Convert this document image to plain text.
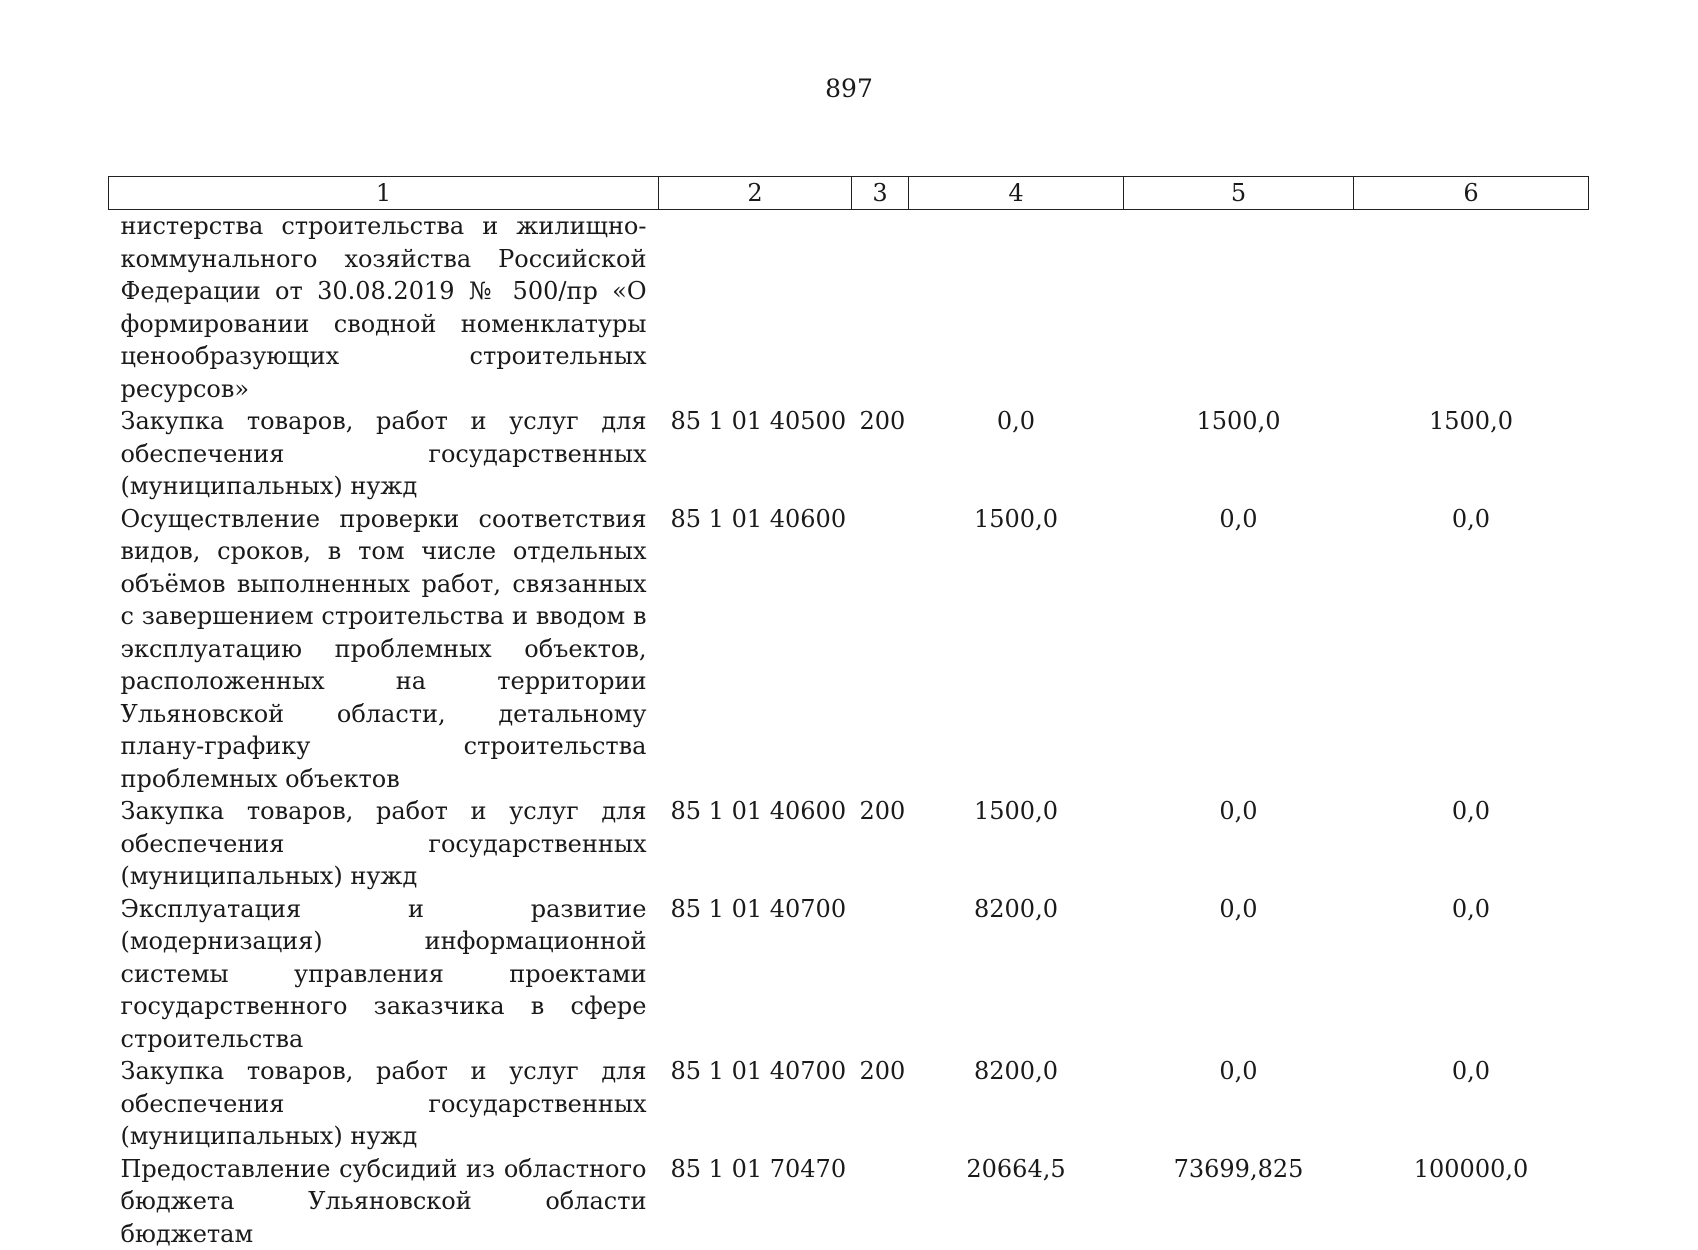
897
1	2	3	4	5	6
нистерства строительства и жилищно-коммунального хозяйства Российской Федерации от 30.08.2019 № 500/пр «О формировании сводной номенклатуры ценообразующих строительных ресурсов»					
Закупка товаров, работ и услуг для обеспечения государственных (муниципальных) нужд	85 1 01 40500	200	0,0	1500,0	1500,0
Осуществление проверки соответствия видов, сроков, в том числе отдельных объёмов выполненных работ, связанных с завершением строительства и вводом в эксплуатацию проблемных объектов, расположенных на территории Ульяновской области, детальному плану-графику строительства проблемных объектов	85 1 01 40600		1500,0	0,0	0,0
Закупка товаров, работ и услуг для обеспечения государственных (муниципальных) нужд	85 1 01 40600	200	1500,0	0,0	0,0
Эксплуатация и развитие (модернизация) информационной системы управления проектами государственного заказчика в сфере строительства	85 1 01 40700		8200,0	0,0	0,0
Закупка товаров, работ и услуг для обеспечения государственных (муниципальных) нужд	85 1 01 40700	200	8200,0	0,0	0,0
Предоставление субсидий из областного бюджета Ульяновской области бюджетам	85 1 01 70470		20664,5	73699,825	100000,0
